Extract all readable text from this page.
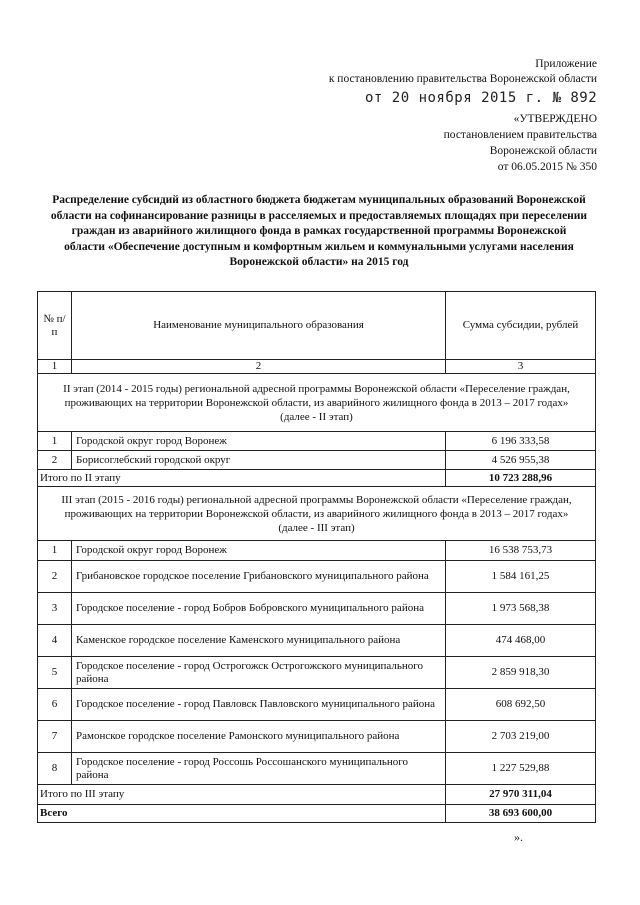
Приложение
к постановлению правительства Воронежской области
от 20 ноября 2015 г. № 892
«УТВЕРЖДЕНО
постановлением правительства
Воронежской области
от 06.05.2015 № 350
Распределение субсидий из областного бюджета бюджетам муниципальных образований Воронежской
области на софинансирование разницы в расселяемых и предоставляемых площадях при переселении
граждан из аварийного жилищного фонда в рамках государственной программы Воронежской
области «Обеспечение доступным и комфортным жильем и коммунальными услугами населения
Воронежской области» на 2015 год
№ п/п	Наименование муниципального образования	Сумма субсидии, рублей
1	2	3

II этап (2014 - 2015 годы) региональной адресной программы Воронежской области «Переселение граждан,
проживающих на территории Воронежской области, из аварийного жилищного фонда в 2013 – 2017 годах»
(далее - II этап)		

1	Городской округ город Воронеж	6 196 333,58
2	Борисоглебский городской округ	4 526 955,38
Итого по II этапу		10 723 288,96

III этап (2015 - 2016 годы) региональной адресной программы Воронежской области «Переселение граждан,
проживающих на территории Воронежской области, из аварийного жилищного фонда в 2013 – 2017 годах»
(далее - III этап)		

1	Городской округ город Воронеж	16 538 753,73
2	Грибановское городское поселение Грибановского муниципального района	1 584 161,25
3	Городское поселение - город Бобров Бобровского муниципального района	1 973 568,38
4	Каменское городское поселение Каменского муниципального района	474 468,00
5	Городское поселение - город Острогожск Острогожского муниципального района	2 859 918,30
6	Городское поселение - город Павловск Павловского муниципального района	608 692,50
7	Рамонское городское поселение Рамонского муниципального района	2 703 219,00
8	Городское поселение - город Россошь Россошанского муниципального района	1 227 529,88
Итого по III этапу		27 970 311,04
Всего		38 693 600,00
».
